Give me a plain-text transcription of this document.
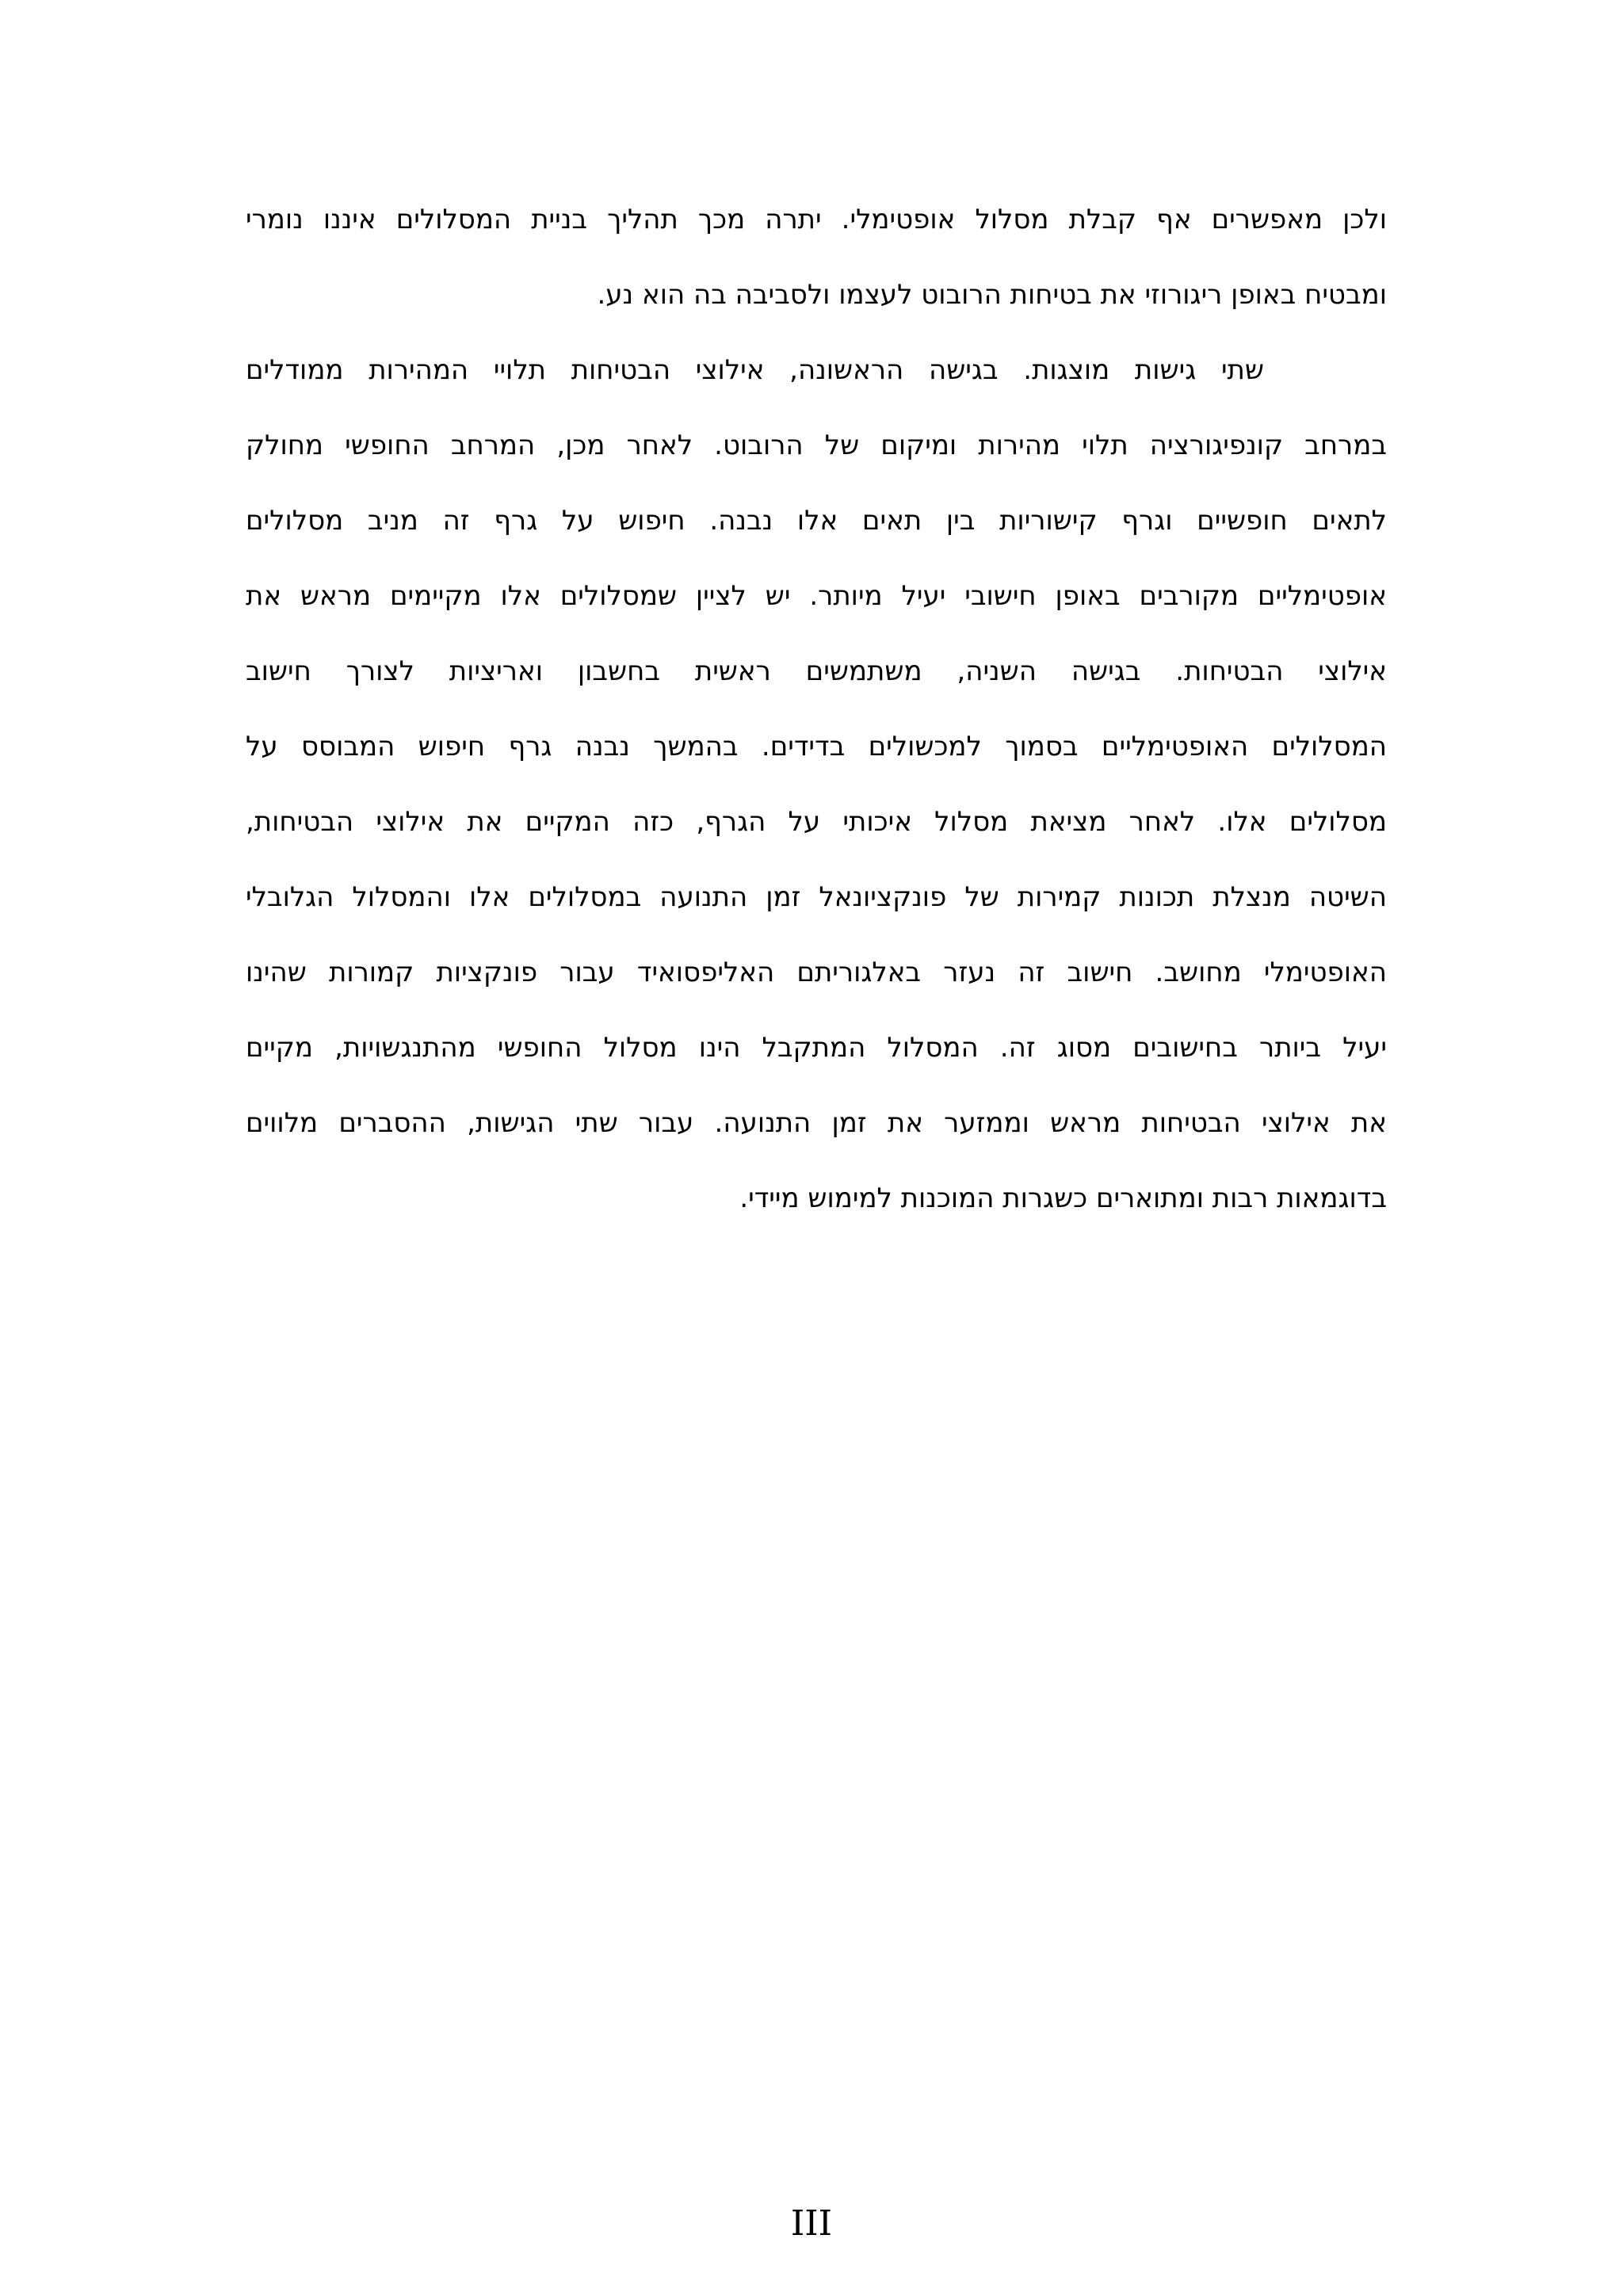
ולכן מאפשרים אף קבלת מסלול אופטימלי. יתרה מכך תהליך בניית המסלולים איננו נומרי
ומבטיח באופן ריגורוזי את בטיחות הרובוט לעצמו ולסביבה בה הוא נע.
שתי גישות מוצגות. בגישה הראשונה, אילוצי הבטיחות תלויי המהירות ממודלים
במרחב קונפיגורציה תלוי מהירות ומיקום של הרובוט. לאחר מכן, המרחב החופשי מחולק
לתאים חופשיים וגרף קישוריות בין תאים אלו נבנה. חיפוש על גרף זה מניב מסלולים
אופטימליים מקורבים באופן חישובי יעיל מיותר. יש לציין שמסלולים אלו מקיימים מראש את
אילוצי הבטיחות. בגישה השניה, משתמשים ראשית בחשבון ואריציות לצורך חישוב
המסלולים האופטימליים בסמוך למכשולים בדידים. בהמשך נבנה גרף חיפוש המבוסס על
מסלולים אלו. לאחר מציאת מסלול איכותי על הגרף, כזה המקיים את אילוצי הבטיחות,
השיטה מנצלת תכונות קמירות של פונקציונאל זמן התנועה במסלולים אלו והמסלול הגלובלי
האופטימלי מחושב. חישוב זה נעזר באלגוריתם האליפסואיד עבור פונקציות קמורות שהינו
יעיל ביותר בחישובים מסוג זה. המסלול המתקבל הינו מסלול החופשי מהתנגשויות, מקיים
את אילוצי הבטיחות מראש וממזער את זמן התנועה. עבור שתי הגישות, ההסברים מלווים
בדוגמאות רבות ומתוארים כשגרות המוכנות למימוש מיידי.
III
